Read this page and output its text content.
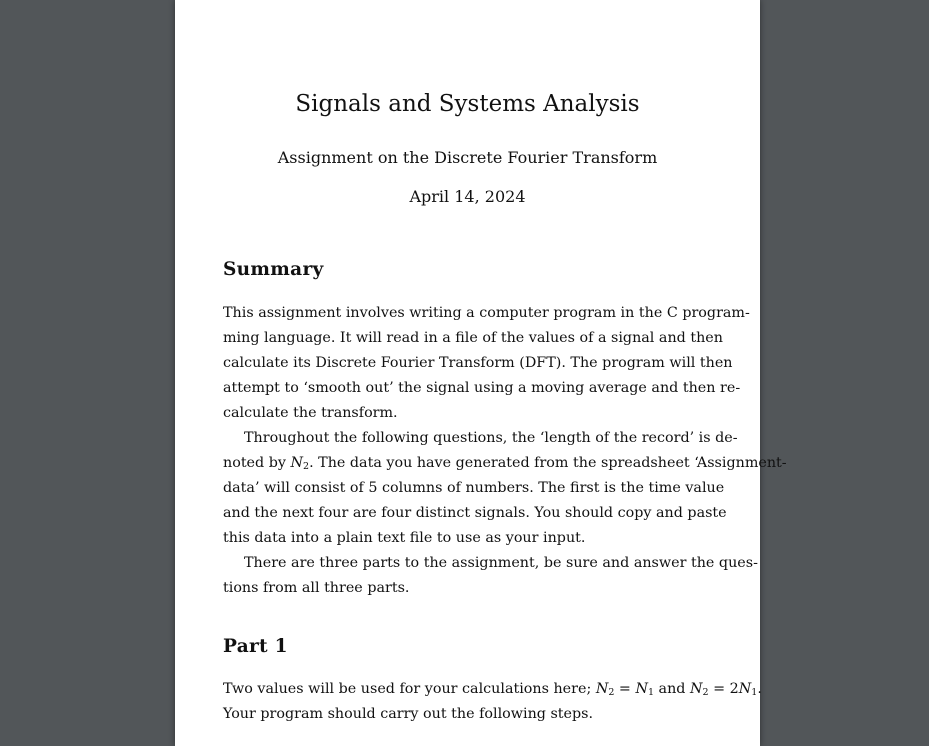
Signals and Systems Analysis
Assignment on the Discrete Fourier Transform
April 14, 2024
Summary
This assignment involves writing a computer program in the C program-
ming language. It will read in a file of the values of a signal and then
calculate its Discrete Fourier Transform (DFT). The program will then
attempt to ‘smooth out’ the signal using a moving average and then re-
calculate the transform.
Throughout the following questions, the ‘length of the record’ is de-
noted by $N_2$. The data you have generated from the spreadsheet ‘Assignment-
data’ will consist of 5 columns of numbers. The first is the time value
and the next four are four distinct signals. You should copy and paste
this data into a plain text file to use as your input.
There are three parts to the assignment, be sure and answer the ques-
tions from all three parts.
Part 1
Two values will be used for your calculations here; $N_2 = N_1$ and $N_2 = 2N_1$.
Your program should carry out the following steps.
